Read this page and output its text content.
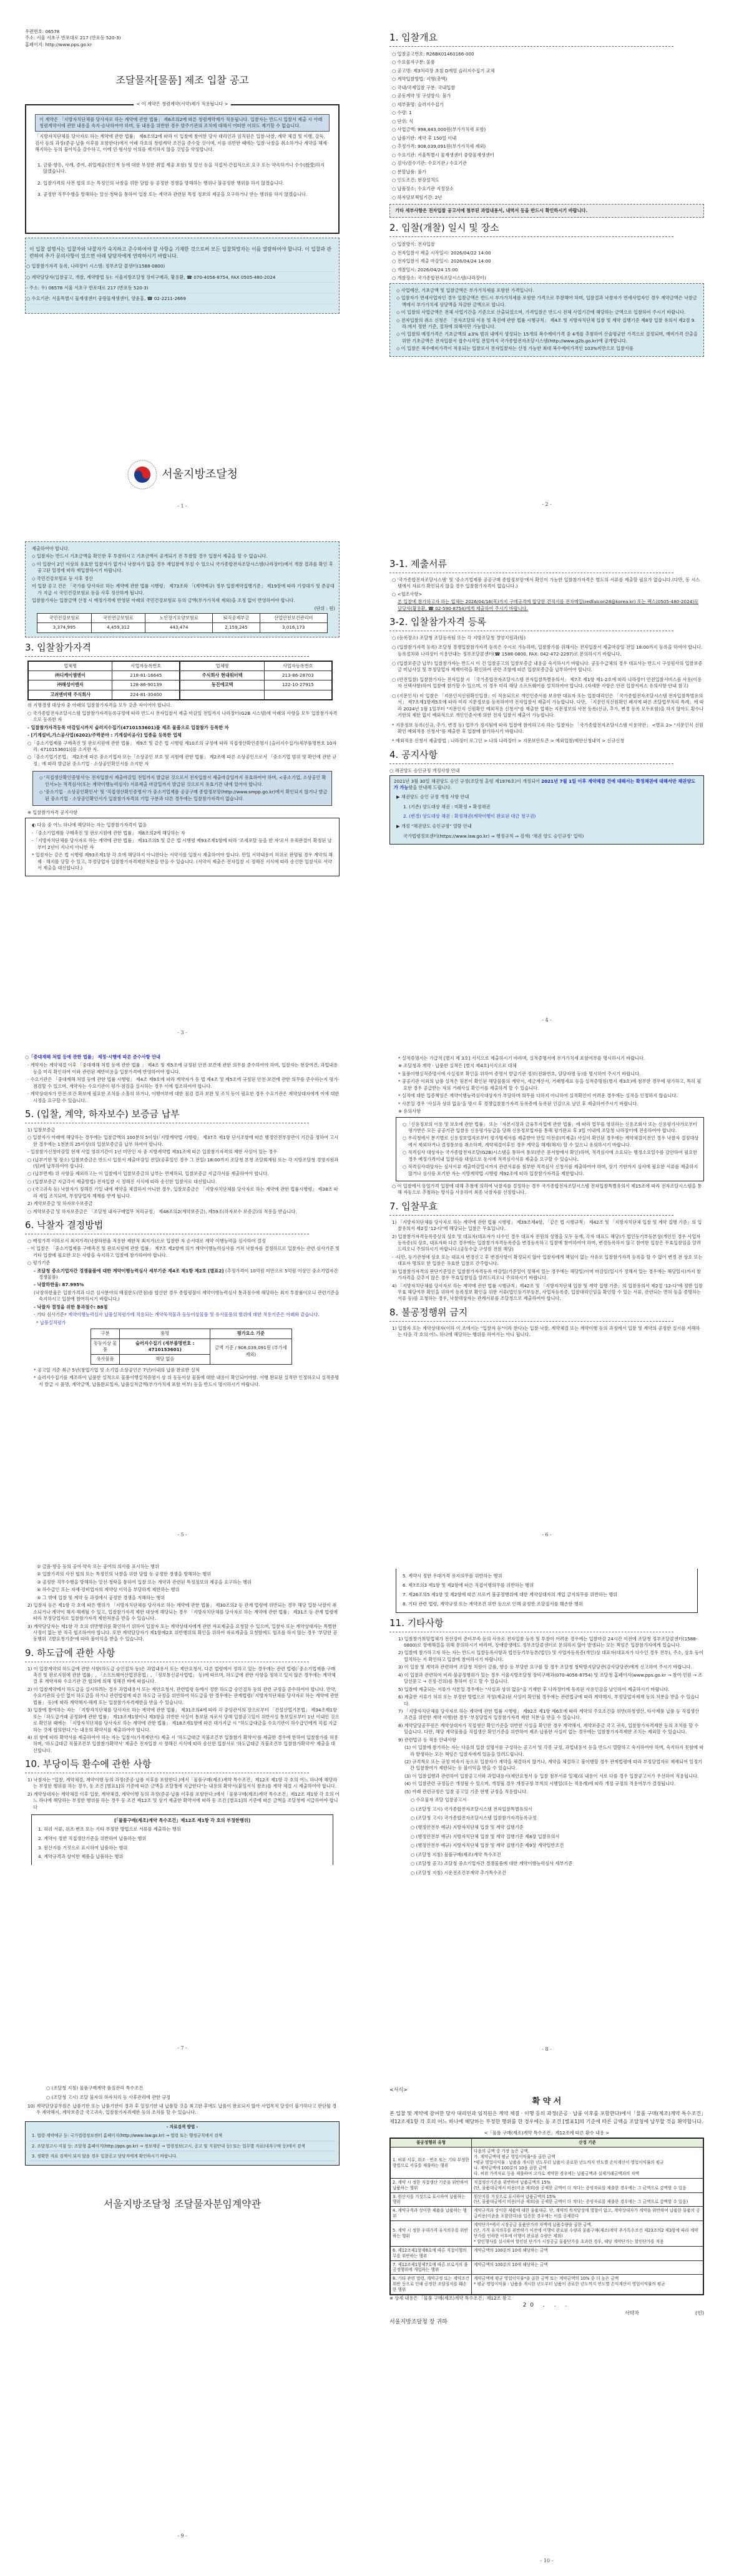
우편번호: 06578
주소: 서울 서초구 반포대로 217 (반포동 520-3)
홈페이지: http://www.pps.go.kr
조달물자[물품] 제조 입찰 공고
< 이 계약은 청렴계약(서약)제가 적용됩니다 >
이 계약은 「지방자치단체를 당사자로 하는 계약에 관한 법률」 제6조의2에 따른 청렴계약제가 적용됩니다. 입찰자는 반드시 입찰서 제출 시 아래 청렴계약서에 관한 내용을 숙지·승낙하여야 하며, 동 내용을 위반한 경우 발주기관의 조치에 대해서 어떠한 이의도 제기할 수 없습니다.
「지방자치단체를 당사자로 하는 계약에 관한 법률」 제6조의2에 따라 이 입찰에 참여한 당사 대리인과 임직원은 입찰·낙찰, 계약 체결 및 이행, 감독, 검사 등의 과정(준공·납품 이후를 포함한다)에서 아래 각호의 청렴계약 조건을 준수할 것이며, 이를 위반한 때에는 입찰·낙찰을 취소하거나 계약을 해제·해지하는 등의 불이익을 감수하고, 이에 민·형사상 이의를 제기하지 않을 것임을 약정합니다.
1. 금품·향응, 사례, 증여, 취업제공(친인척 등에 대한 부정한 취업 제공 포함) 및 알선 등을 직접적·간접적으로 요구 또는 약속하거나 수수(授受)하지 않겠습니다.
2. 입찰가격의 사전 협의 또는 특정인의 낙찰을 위한 담합 등 공정한 경쟁을 방해하는 행위나 불공정한 행위를 하지 않겠습니다.
3. 공정한 직무수행을 방해하는 알선·청탁을 통하여 입찰 또는 계약과 관련된 특정 정보의 제공을 요구하거나 받는 행위를 하지 않겠습니다.
이 입찰 설명서는 입찰자와 낙찰자가 숙지하고 준수하여야 할 사항을 기재한 것으로써 모든 입찰희망자는 이를 열람하여야 합니다. 이 입찰과 관련하여 추가 문의사항이 있으면 아래 담당자에게 연락하시기 바랍니다.
○ 입찰참가자격 등록, 나라장터 시스템: 정부조달 콜센터(1588-0800)
○ 계약담당자(입찰공고, 개찰, 계약방법 등): 서울지방조달청 장비구매과, 황용환, ☎ 070-4056-8754, FAX 0505-480-2024
- 주소: 우) 06578 서울 서초구 반포대로 217 (반포동 520-3)
○ 수요기관: 서울특별시 물재생센터 중랑물재생센터, 양윤홍, ☎ 02-2211-2669
서울지방조달청
- 1 -
1. 입찰개요
○ 입찰공고번호: R26BK01460166-000
○ 수요물자구분: 물품
○ 공고명: 제3처리장 초침 D계열 슬러지수집기 교체
○ 계약입찰방법: 지명(총액)
○ 국내/국제입찰 구분: 국내입찰
○ 공동계약 및 구성방식: 불가
○ 세부품명: 슬러지수집기
○ 수량: 1
○ 단위: 식
○ 사업금액: 998,843,000원(부가가치세 포함)
○ 납품기한: 계약 후 150일 이내
○ 추정가격: 908,039,091원(부가가치세 제외)
○ 수요기관: 서울특별시 물재생센터 중랑물재생센터
○ 검사/검수기관: 수요기관 / 수요기관
○ 분할납품: 불가
○ 인도조건: 현장설치도
○ 납품장소: 수요기관 지정장소
○ 하자담보책임기간: 2년
기타 세부사항은 전자입찰 공고서에 첨부된 과업내용서, 내역서 등을 반드시 확인하시기 바랍니다.
2. 입찰(개찰) 일시 및 장소
○ 입찰방식: 전자입찰
○ 전자입찰서 제출 시작일시: 2026/04/22 14:00
○ 전자입찰서 제출 마감일시: 2026/04/24 14:00
○ 개찰일시: 2026/04/24 15:00
○ 개찰장소: 국가종합전자조달시스템(나라장터)
◇ 사업예산, 기초금액 및 입찰금액은 부가가치세를 포함한 가격입니다.
◇ 입찰자가 면세사업자인 경우 입찰금액은 반드시 부가가치세를 포함한 가격으로 투찰해야 하며, 입찰결과 낙찰자가 면세사업자인 경우 계약금액은 낙찰금액에서 부가가치세 상당액을 차감한 금액으로 합니다.
◇ 이 입찰의 사업금액은 전체 사업기간을 기준으로 산출되었으며, 가격입찰은 반드시 전체 사업기간에 해당하는 금액으로 입찰하여 주시기 바랍니다.
◇ 전자입찰의 취소 신청은 「전자조달의 이용 및 촉진에 관한 법률 시행규칙」 제4조 및 지방자치단체 입찰 및 계약 집행기준 제8장 입찰 유의서 제2절 9. 라.에서 정한 기준, 절차에 의해서만 가능합니다.
◇ 이 입찰의 예정가격은 기초금액의 ±3% 범위 내에서 생성되는 15개의 복수예비가격 중 4개를 추첨하여 산술평균한 가격으로 결정되며, 예비가격 산출을 위한 기초금액은 전자입찰서 접수시작일 전일까지 국가종합전자조달시스템(http://www.g2b.go.kr)에 공개합니다.
◇ 이 입찰은 복수예비가격이 적용되는 입찰로서 전자입찰자는 산정 가능한 최대 복수예비가격인 103%미만으로 입찰서를
- 2 -
제출하여야 합니다.
◇ 입찰자는 반드시 기초금액을 확인한 후 투찰하시고 기초금액이 공개되기 전 투찰할 경우 입찰서 제출을 할 수 없습니다.
◇ 이 입찰이 2인 이상의 유효한 입찰자가 없거나 낙찰자가 없을 경우 재입찰에 부칠 수 있으니 국가종합전자조달시스템(나라장터)에서 개찰 결과를 확인 후 공고된 일정에 따라 재입찰하시기 바랍니다.
◇ 국민건강보험료 등 사후 정산
이 입찰 공고 건은 「국가를 당사자로 하는 계약에 관한 법률 시행령」 제73조와 「(계약예규) 정부 입찰계약집행기준」 제19장에 따라 기성대가 및 준공대가 지급 시 국민건강보험료 등을 사후 정산하게 됩니다.
입찰참가자는 입찰금액 산정 시 예정가격에 반영된 아래의 국민건강보험료 등의 금액(부가가치세 제외)을 조정 없이 반영하여야 합니다.
(단위 : 원)
국민건강보험료	국민연금보험료	노인장기요양보험료	퇴직공제부금	산업안전보건관리비
3,374,995	4,459,312	443,474	2,159,245	3,016,173
3. 입찰참가자격
업체명	사업자등록번호	업체명	사업자등록번호
㈜디케이엠엔이	218-81-16645	주식회사 현대워터텍	213-86-28703
㈜해성이엔지	128-86-90139	동진에코텍	122-10-27915
고려엔비텍 주식회사	224-81-30400		
위 지명경쟁 대상자 중 아래의 입찰참가자격을 모두 갖춘 자이어야 합니다.
○ 국가종합전자조달시스템 입찰참가자격등록규정에 따라 반드시 전자입찰서 제출 마감일 전일까지 나라장터(G2B 시스템)에 아래의 사항을 모두 입찰참가자격으로 등록한 자
- 입찰참가자격등록 마감일시까지 슬러지수집기(4710153601)를 제조 물품으로 입찰참가 등록한 자
- [기계설비,가스공사업(6202)/주력분야 : 기계설비공사] 업종을 등록한 업체
○「중소기업제품 구매촉진 및 판로지원에 관한 법률」 제9조 및 같은 법 시행령 제10조의 규정에 따라 직접생산확인증명서 [슬러지수집기(세부품명번호 10자리: 4710153601)]를 소지한 자.
○「중소기업기본법」 제2조에 따른 중소기업자 또는「소상공인 보호 및 지원에 관한 법률」 제2조에 따른 소상공인으로서 「중소기업 범위 및 확인에 관한 규정」에 따라 발급된 중소기업 · 소상공인확인서를 소지한 자
◇ '직접생산확인증명서'는 전자입찰서 제출마감일 전일까지 발급된 것으로서 전자입찰서 제출마감일까지 유효하여야 하며, <중소기업, 소상공인 확인서>는 적격심사(또는 계약이행능력심사) 서류제출 마감일까지 발급된 것으로서 유효기간 내에 있어야 합니다.
◇ '중소기업 · 소상공인확인서' 및 '직접생산확인증명서'가 중소기업제품 공공구매 종합정보망(http://www.smpp.go.kr)에서 확인되지 않거나 발급된 중소기업 · 소상공인확인서가 입찰참가자격의 기업 구분과 다른 경우에는 입찰참가자격이 없습니다.
※ 입찰참가자격 공지사항
◐ 다음 중 어느 하나에 해당하는 자는 입찰참가자격이 없음
-「중소기업제품 구매촉진 및 판로지원에 관한 법률」 제8조의2에 해당하는 자
-「지방자치단체를 당사자로 하는 계약에 관한 법률」 제31조의5 및 같은 법 시행령 제93조제1항에 따라 '조세포탈 등을 한 자'로서 유죄판결이 확정된 날부터 2년이 지나지 아니한 자
* 입찰자는 같은 법 시행령 제93조제1항 각 호에 해당하지 아니한다는 서약서를 입찰시 제출하여야 합니다. 만일 서약내용이 허위로 판명될 경우 계약의 해제 · 해지를 당할 수 있고, 부정당업자 입찰참가자격제한처분을 받을 수 있습니다. (서약서 제출은 전자입찰 시 정해진 서식에 따라 송신한 입찰서로 서약서 제출을 대신합니다.)
- 3 -
3-1. 제출서류
○ '국가종합전자조달시스템' 및 '중소기업제품 공공구매 종합정보망'에서 확인이 가능한 입찰참가자격은 별도의 서류를 제출할 필요가 없습니다.(다만, 동 시스템에서 자료가 확인되지 않을 경우 입찰참가자격이 없습니다.)
○ <협조사항>
본 입찰에 참가하고자 하는 업체는 2026/04/16(목)까지 구매규격에 합당한 견적서를 전자메일(redfalcon28@korea.kr) 또는 팩스(0505-480-2024)로 담당자(황용환, ☎ 02-590-8754)에게 제출하여 주시기 바랍니다.
3-2. 입찰참가자격 등록
○ (등록장소) 조달청 조달등록팀 또는 각 지방조달청 경영지원과(팀)
○ (입찰참가자격 등록) 조달청 경쟁입찰참가자격 등록은 수시로 가능하며, 입찰참가를 위해서는 전자입찰서 제출마감일 전일 18:00까지 등록을 하여야 합니다. 등록절차와 나라장터 이용안내는 정부조달콜센터(☎ 1588-0800, FAX: 042-472-2297)로 문의하시기 바랍니다.
○ (입찰보증금 납부) 입찰참가자는 반드시 이 건 입찰공고의 입찰보증금 내용을 숙지하시기 바랍니다. 공동수급체의 경우 대표사는 반드시 구성원사의 입찰보증금 미납사실 및 부정당업자 제재이력을 확인하여 관련 조항에 따른 입찰보증금을 납부하여야 합니다.
○ (안전입찰) 입찰참가자는 전자입찰 시 「국가종합전자조달시스템 전자입찰특별유의서」 제7조 제1항 제1-2호에 따라 나라장터 안전입찰서비스를 사용(이용자 선택사항)하여 입찰에 참가할 수 있으며, 이 경우 미리 해당 소프트웨어를 설치하여야 합니다. (자세한 사항은 안전 입찰서비스 유의사항 안내 참고)
○ (지문인식) 이 입찰은 「지문인식신원확인입찰」이 적용되므로 개인인증서를 보유한 대표자 또는 입찰대리인은 「국가종합전자조달시스템 전자입찰특별유의서」 제7조제1항제5호에 따라 미리 지문정보를 등록하여야 전자입찰서 제출이 가능합니다. 다만, 「지문인식신원확인 폐지에 따른 조달업무처리 특례」에 따라 2024년 1월 1일부터 "지문인식 신원확인 예외적용 신청서"를 제출한 업체는 지문정보의 사전 등록(신규, 추가, 변경 등록 모두포함)을 하지 않아도 횟수나 기한의 제한 없이 예외적으로 개인인증서에 의한 전자 입찰서 제출이 가능합니다.
* 지문정보 등록(신규, 추가, 변경 등) 업무가 정지됨에 따라 입찰에 참여하고자 하는 입찰자는 「국가종합전자조달시스템 이용약관」 <별표 2> "지문인식 신원확인 예외적용 신청서"를 제출한 후 입찰에 참가하시기 바랍니다.
* 예외적용 신청서 제출방법 : 나라장터 로그인 > 나의 나라장터 > 지문보안토큰 > 예외입찰/제안신청내역 > 신규신청
4. 공지사항
○ 채권양도 승인규정 개정사항 안내
2021년 3월 30일 채권양도 승인 규정(조달청 훈령 제1976호)이 개정되어 2021년 7월 1일 이후 계약체결 건에 대해서는 확정채권에 대해서만 채권양도가 가능함을 안내해 드립니다.
▶ 채권양도 승인 규정 개정 사항 안내
1. (기존) 양도대상 채권 : 미확정 • 확정채권
2. (변경) 양도대상 채권 : 확정채권(계약이행이 완료된 대금 청구권)
▶ 개정 "채권양도 승인규정" 열람 안내
국가법령정보센터(https://www.law.go.kr) ⇒ 행정규칙 ⇒ 검색( '채권 양도 승인규정' 입력)
- 4 -
○「중대재해 처벌 등에 관한 법률」 제정·시행에 따른 준수사항 안내
· 계약자는 계약체결 이후 「중대재해 처벌 등에 관한 법률 」 제4조 및 제5조에 규정된 안전·보건에 관한 의무를 준수하여야 하며, 입찰자는 현장여건, 과업내용 등을 미리 확인하여 이와 관련된 제반비용을 입찰가격에 반영하여야 합니다.
· 수요기관은 「중대재해 처벌 등에 관한 법률 시행령」 제4조 제9호에 따라 계약자가 동 법 제4조 및 제5조에 규정된 안전·보건에 관한 의무를 준수하는지 평가·점검할 수 있으며, 계약자는 수요기관이 평가·점검을 실시하는 경우 이에 협조하여야 합니다.
· 계약상대자가 안전·보건 확보에 필요한 조치를 소홀히 하거나, 이행여부에 대한 점검 결과 보완 및 조치 등이 필요한 경우 수요기관은 계약상대자에게 이에 대한 시정을 요구할 수 있습니다.
5. (입찰, 계약, 하자보수) 보증금 납부
1) 입찰보증금
○ 입찰자가 아래에 해당하는 경우에는 입찰금액의 100분의 5이상(「지방계약법 시행령」 제37조 제1항 단서조항에 따른 행정안전부장관이 기간을 정하여 고시한 경우에는 1천분의 25이상)의 입찰보증금을 납부 하여야 합니다.
- 입찰참가신청마감일 현재 사업 영위기간이 1년 미만인 자 중 지방계약법 제31조에 따른 입찰참가자격의 제한 사실이 있는 경우
○ (납부기한 및 장소) 입찰보증금은 반드시 입찰서 제출마감일 전일(공휴일인 경우 그 전일) 18:00까지 조달청 본청 조달회계팀 또는 각 지방조달청 경영지원과(팀)에 납부하여야 합니다.
○ (납부면제) 위 사항을 제외하고는 이 입찰에서 입찰보증금의 납부는 면제하되, 입찰보증금 지급각서를 제출하여야 합니다.
○ (입찰보증금 지급각서 제출방법) 전자입찰 시 정해진 서식에 따라 송신한 입찰서로 대신합니다.
○ (국고귀속 등) 낙찰자가 정해진 기일 내에 계약을 체결하지 아니한 경우, 입찰보증금은 「지방자치단체를 당사자로 하는 계약에 관한 법률시행령」 제38조 따라 세입 조치되며, 부정당업자 제재를 받게 됩니다.
2) 계약보증금 및 하자보수보증금
○ 계약보증금 및 하자보증금은 「조달청 내자구매업무 처리규정」 제48조의2(계약보증금), 제59조(하자보수 보증금)의 적용을 받습니다.
6. 낙찰자 결정방법
○ 예정가격 이하로서 최저가격(낙찰하한율 적용한 제한적 최저가)으로 입찰한 자 순서대로 계약 이행능력을 심사하여 결정
- 이 입찰은 「중소기업제품 구매촉진 및 판로지원에 관한 법률」 제7조 제2항에 의거 계약이행능력심사를 거쳐 낙찰자를 결정하므로 입찰자는 관련 심사기준 및 기타 입찰에 필요한 모든 사항을 숙지하고 입찰에 참가하여야 합니다.
○ 평가기준
- 조달청 중소기업자간 경쟁물품에 대한 계약이행능력심사 세부기준 제4조 제1항 제2호 [별표2] (추정가격이 10억원 미만으로 5억원 이상인 중소기업자간 경쟁물품)
- 낙찰하한율: 87.995%
(낙찰하한율은 입찰가격과 다른 심사분야의 배점한도(만점)를 합산한 경우 종합평점이 계약이행능력심사 통과점수에 해당하는 최저 투찰률이오니 관련기준을 숙지하시고 입찰에 참여하시기 바랍니다.)
- 낙찰자 결정을 위한 통과점수: 88점
- 기타 심사기준:
* 계약이행능력심사 납품실적평가에 적용되는 계약목적물과 동등이상물품 및 유사물품의 범위에 대한 적용기준은 아래와 같습니다.
* 납품실적평가
구분	품명	평가요소 기준
동등이상 물품	슬러지수집기 (세부품명번호 : 4710153601)	금액 기준 / 908,039,091원 (부가세 제외)
유사물품	해당 없음
* 공고일 기준 최근 5년(창업기업 및 소기업·소상공인은 7년)이내의 납품 완료한 실적
* 슬러지수집기를 제조하여 납품한 실적으로 물품이행실적증명서 상 위 동등이상 물품에 대한 내용이 확인되어야함. 이행 완료된 실적만 인정하오니 실적증명서 발급 시 품명, 계약금액, 납품완료일자, 납품실적금액(부가가치세 포함 여부) 등을 반드시 명시하시기 바랍니다.
- 5 -
* 실적증명서는 가급적 [별지 제 3호] 서식으로 제출하시기 바라며, 실적증명서에 부가가치세 포함여부를 명시하시기 바랍니다.
※ 조달청과 계약 · 납품한 실적은 [별지 제4호]서식으로 대체
* 물품이행실적증명서에 사실정보 확인을 위하여 증명서 발급기관 정보(전화번호, 담당자명 등)를 명시하여 주시기 바랍니다.
* 공공기관 이외의 납품 실적은 원본이 확인된 해당물품의 계약서, 세금계산서, 거래명세표 등을 실적증명원(별지 제3호)에 첨부한 경우에 평가하고, 특히 필요한 경우 공급받는 자의 거래사실 확인서를 제출하게 할 수 있습니다.
* 실적에 대한 입증책임은 계약이행능력심사대상자가 부담하며 의무를 다하지 아니하여 실적확인이 어려운 경우에는 실적을 인정하지 않습니다.
* 사본일 경우 '사실과 상위 없음'을 명시 후 경쟁입찰참가자격 등록증에 등록된 인감으로 날인 후 제출하여주시기 바랍니다.
※ 유의사항
○「신용정보의 이용 및 보호에 관한 법률」 또는「자본시장과 금융투자업에 관한 법률」에 따라 업무를 영위하는 신용조회사 또는 신용평가사가로부터 평가받은 모든 공공기관 입찰용 신용평가등급을 당해 신용정보업자를 통해 평가완료 후 3일 이내에 조달청 나라장터에 전송하여야 합니다.
○ 우리청에서 분기별로 신용정보업자로부터 평가명세서를 제출받아 만일 미전송(미제출) 사실이 확인된 경우에는 계약체결이전인 경우 낙찰자 결정대상에서 제외하거나 결정통보를 취소하며, 계약체결이후인 경우 계약을 해제(해지) 할 수 있으니 유의하시기 바랍니다.
○ 적격심사 대상자는 국가종합전자조달(G2B)시스템을 통하여 통보(받은 문서함에서 확인)하며, 적격심사에 소요되는 행정소요일수를 감안하여 필요한 경우 예정가격이내 입찰자를 대상으로 동시에 적격심사서류 제출을 요구할 수 있습니다.
○ 적격심사대상자는 심사서류 제출마감일시까지 관련서류를 첨부한 적격심사 신청서를 제출하여야 하며, 상기 기한까지 심사에 필요한 서류를 제출하지 않거나 심사를 포기한 자는 지방계약법 시행령 제92조에 따라 입찰참가자격을 제한합니다.
○ 이 입찰에서 동일가격 입찰에 대해 추첨에 의하여 낙찰자를 결정하는 경우 국가종합전자조달시스템 전자입찰특별유의서 제15조에 따라 전자조달시스템을 통해 자동으로 추첨하는 방식을 사용하여 최종 낙찰자를 선정합니다.
7. 입찰무효
1) 「지방자치단체를 당사자로 하는 계약에 관한 법률 시행령」 제39조제4항, 「같은 법 시행규칙」 제42조 및 「지방자치단체 입찰 및 계약 집행 기준」의 입찰유의서 제2절 '12-다'에 해당되는 입찰은 무효입니다.
2) 입찰참가자격등록증상의 상호 및 대표자(대표자가 다수인 경우 대표자 전원의 성명을 모두 등재, 각자 대표도 해당)가 법인등기부등본상(개인인 경우 사업자등록증)의 상호, 대표자와 다른 경우에는 입찰참가자격등록증을 변경등록하고 입찰에 참여하여야 하며, 변경등록하지 않고 참여한 입찰은 무효입찰임을 알려드리오니 주의하시기 바랍니다.(공동수급 구성원 전원 해당)
- -다만, 등기관청에 상호 또는 대표자 변경신고 후 변경사항이 확정되지 않아 입찰자에게 책임이 없는 사유로 입찰참가자격 등록을 할 수 없어 변경 전 상호 또는 대표자 명의로 한 입찰은 유효한 입찰로 간주합니다.
3) 입찰참가자격의 판단기준일은 입찰참가자격등록 마감일(기준일이 정해져 있는 경우에는 해당일)이며 마감일(일시가 정해져 있는 경우에는 해당일시)까지 참가자격을 갖추지 않은 경우 무효입찰임을 알려드리오니 주의하시기 바랍니다.
4) 「지방자치단체를 당사자로 하는 계약에 관한 법률 시행규칙」제42조 및 「지방자치단체 입찰 및 계약 집행 기준」의 입찰유의서 제2절 '12-다'에 정한 입찰무효 해당여부 확인을 위하여 등록정보 확인을 위한 서류(법인등기부등본, 사업자등록증, 입찰대리인임을 확인할 수 있는 서류, 관련되는 면허 등을 증명하는 서류 등)를 요청하는 경우, 낙찰대상자는 관계서류를 조달청으로 제출하여야 합니다.
8. 불공정행위 금지
1) 입찰자 또는 계약상대자(이하 이 조에서는 "입찰자 등"이라 한다)는 입찰·낙찰, 계약체결 또는 계약이행 등의 과정에서 입찰 및 계약의 공정한 질서를 저해하는 다음 각 호의 어느 하나에 해당하는 행위를 하여서는 아니 됩니다.
- 6 -
① 금품·향응 등의 공여·약속 또는 공여의 의사를 표시하는 행위
② 입찰가격의 사전 협의 또는 특정인의 낙찰을 위한 담합 등 공정한 경쟁을 방해하는 행위
③ 공정한 직무수행을 방해하는 알선·청탁을 통하여 입찰 또는 계약과 관련된 특정정보의 제공을 요구하는 행위
④ 하수급인 또는 자재·장비업자의 계약상 이익을 부당하게 제한하는 행위
⑤ 그 밖에 입찰 및 계약 등 과정에서 공정한 경쟁을 저해하는 행위
2) 입찰자 등은 제1항 각 호에 따른 행위가 「지방자치단체를 당사자로 하는 계약에 관한 법률」 제30조의2 등 관계 법령에 위반되는 경우 해당 입찰·낙찰이 취소되거나 계약이 해지·해제될 수 있고, 입찰참가자격 제한 대상에 해당되는 경우 「지방자치단체를 당사자로 하는 계약에 관한 법률」 제31조 등 관계 법령에 따라 부정당업자로 입찰참가자격 제한처분을 받을 수 있습니다.
3) 계약담당자는 제1항 각 호의 위반행위를 확인하기 위하여 입찰자 또는 계약상대자에게 관련 자료제출을 요청할 수 있으며, 입찰자 또는 계약상대자는 특별한 사정이 없는 한 적극 협조하여야 합니다. 또한 계약담당자가 제1항제2호 위반행위의 확인을 위하여 자료제출을 요청함에도 협조를 하지 않는 경우 '부당한 공동행위 고발요청기준'에 따라 불이익을 받을 수 있습니다.
9. 하도급에 관한 사항
1) 이 입찰계약의 하도급에 관한 사항(하도급 승인절차 등)은 과업내용서 또는 제안요청서, 다른 법령에서 정하고 있는 경우에는 관련 법령(「중소기업제품 구매촉진 및 판로지원에 관한 법률」, 「소프트웨어산업진흥법」, 「정보통신공사업법」 등)에 따르며, 하도급에 관한 사항을 정하고 있지 않은 경우에는 계약체결 후 계약자와 수요기관 간 협의에 의해 정해진 바에 따릅니다.
2) 이 입찰계약에서 하도급을 실시하려는 경우 과업내용서 또는 제안요청서, 관련법령 등에서 정한 하도급 승인절차 등의 관련 규정을 준수하여야 합니다. 만약, 수요기관의 승인 없이 하도급을 하거나 관련법령에 따른 하도급 규정을 위반하여 하도급을 한 경우에는 관계법령(「지방자치단체를 당사자로 하는 계약에 관한 법률」 등)에 따라 계약해지·해제 또는 입찰참가자격제한을 받을 수 있습니다.
3) 입찰에 참여하는 자는 「지방자치단체를 당사자로 하는 계약에 관한 법률」 제31조의4에 따라 각 중앙관서의 장으로부터 「건설산업기본법」 제34조제1항 또는「하도급거래 공정화에 관한 법률」 제13조제1항이나 제3항을 위반한 사실이 통보된 자로서 당해 입찰공고일이 위반사실 통보일로부터 1년 이내인 것으로 확인된 때에는 「지방자치단체를 당사자로 하는 계약에 관한 법률」 제18조제1항에 따른 대가지급 시 "하도급대금을 수요기관이 하수급인에게 직접 지급하는 것에 합의한다."는 내용의 확약서를 제출하여야 합니다.
4) 위 항에 따라 확약서를 제출하여야 하는 자는 입찰서(가격제안서) 제출 시 '하도급대금 직불조건부 입찰참가 확약서'를 제출한 경우에 한하여 입찰참가를 허용하며, '하도급대금 직불조건부 입찰참가확약서' 제출은 전자입찰 시 정해진 서식에 따라 송신한 입찰서로 '하도급대금 직불조건부 입찰참가확약서' 제출을 대신합니다.
10. 부당이득 환수에 관한 사항
1) 낙찰자는 "입찰, 계약체결, 계약이행 등의 과정(준공·납품 이후를 포함한다.)에서「물품구매(제조)계약 특수조건」제12조 제1항 각 호의 어느 하나에 해당하는 부정한 행위를 하는 경우, 동 조건 [별표1]의 기준에 따른 금액을 조달청에 지급한다"는 내용의 확약서(붙임서식 참조)를 계약 체결 시 제출하여야 합니다.
2) 계약상대자는 계약체결 이후 입찰, 계약체결, 계약이행 등의 과정(준공·납품 이후를 포함한다.)에서「물품구매(제조)계약 특수조건」제12조 제1항 각 호의 어느 하나에 해당하는 부정한 행위를 하는 경우 동 조건 제12조 및 상기 제출한 확약서에 따라 동 조건 [별표1]의 기준에 따른 금액을 조달청에 지급하여야 합니다
[「물품구매(제조)계약 특수조건」제12조 제1항 각 호의 부정한행위]
1. 허위 서류, 위조·변조 또는 기타 부정한 방법으로 서류를 제출하는 행위
2. 계약시 정한 직접생산기준을 위반하여 납품하는 행위
3. 원산지를 거짓으로 표시하여 납품하는 행위
4. 계약규격과 상이한 제품을 납품하는 행위
- 7 -
5. 계약시 정한 우대가격 유지의무를 위반하는 행위
6. 제7조의3 제1항 및 제2항에 따른 직접이행의무를 위반하는 행위
7. 제26조의5 제1항 및 제2항에 따른 브로커 불공정행위에 대한 계약상대자의 개입 금지의무를 위반하는 행위
8. 기타 관련 법령, 계약규정 또는 계약조건 위반 등으로 인해 공정한 조달질서를 훼손한 행위
11. 기타사항
1) 입찰참가희망업체가 전산장비 준비부족 등의 사유로 전자입찰 등록 및 투찰이 어려운 경우에는 입찰마감 24시간 이전에 조달청 정부조달콜센터(1588-0800)로 장애해결을 위해 문의하시기 바라며, 장애발생에도 정부조달콜센터로 문의하지 않아 발생되는 모든 책임은 입찰참가자에게 있습니다.
2) 입찰에 참가하고자 하는 자는 반드시 입찰등록사항과 법인등기부등본(법인) 및 사업자등록증(개인)상 대표자(대표자가 다수인 경우 전부), 주소, 상호 등이 일치하는 지 확인하고 입찰에 참여하시기 바랍니다.
3) 이 입찰 및 계약과 관련하여 조달청 직원이 금품, 향응 등 부당한 요구를 할 경우 조달청 청탁방지담당관(감사담당관)에게 신고하여 주시기 바랍니다.
4) 이 입찰과 관련하여 비리·불공정행위가 있는 경우 서울지방조달청 장비구매과(070-4056-8754) 및 조달청 홈페이지(www.pps.go.kr → 참여·민원 → 조달신문고 → 진정·건의)를 통하여 신고 할 수 있습니다.
5) 입찰에 제출되는 서류가 사본일 경우에는 "사실과 상위 없음"을 기재한 후 나라장터에 등록된 사용인감을 날인하여 제출하시기 바랍니다.
6) 제출한 서류가 허위 또는 부정한 방법으로 작성(제출)된 사실이 확인될 경우에는 관련법규에 따라 계약해지, 부정당업자제재 등의 처분을 받을 수 있습니다.
7) 「지방자치단체를 당사자로 하는 계약에 관한 법률 시행령」 제92조 제1항 제6호에 따라 계약의 주요조건을 위반(하청생산, 타사제품 납품 등 직접생산 조건을 위반한 계약 이행)한 경우 '부정당업자 입찰참가자격 제한 처분'을 받을 수 있습니다.
8) 계약담당공무원은 계약상대자가 직접생산 확인기준을 위반한 사실을 확인한 경우 계약해지, 계약보증금 국고 귀속, 입찰참가자격제한 등의 조치를 할 수 있습니다. 다만, 해당 계약물품을 직접생산 확인기준을 위반하여 제조·납품한 사실이 없는 경우에는 입찰참가자격제한 조치는 제외할 수 있습니다.
9) 관련법규 등 적용 안내사항
(1) 이 입찰에 참가하는 자는 다음의 입찰 설명서를 구성하는 공고서 및 각종 규정, 과업내용서 등을 반드시 열람하고 숙지하여야 하며, 숙지하지 못함에 따라 발생하는 모든 책임은 입찰자에게 있음을 알려드립니다.
(2) 규격착오 또는 규정 미숙지 등으로 입찰자가 계약을 체결하지 않거나, 계약을 체결하고 불이행할 경우 관계법령에 따라 부정당업자로 제재되어 일정기간 입찰참여가 제한되는 등 불이익을 받을 수 있습니다.
(3) 이 입찰집행과 관련하여 입찰공고서와 과업내용서(제안요청서 등 입찰 첨부서류 일체)의 내용이 서로 다를 경우 입찰공고서가 우선하여 적용됩니다.
(4) 이 입찰관련 규정들은 개정될 수 있으며, 개정될 경우 개정규정 부칙의 시행일(또는 적용례)에 따라 개정 규정의 적용여부가 결정됩니다.
(5) 아래 관련규정은 입찰 공고일 기준 현행 규정을 적용합니다.
○ 수요물자 조달 입찰공고서
○ (조달청 고시) 국가종합전자조달시스템 전자입찰특별유의서
○ (조달청 고시) 국가종합전자조달시스템 입찰참가자격등록규정
○ (행정안전부 예규) 지방자치단체 입찰 및 계약 집행기준
○ (행정안전부 예규) 지방자치단체 입찰 및 계약 집행기준 제8장 입찰유의서
○ (행정안전부 예규) 지방자치단체 입찰 및 계약 집행기준 제9장 계약일반조건
○ (조달청 지침) 물품구매(제조)계약 특수조건
○ (조달청 공고) 조달청 중소기업자간 경쟁물품에 대한 계약이행능력심사 세부기준
○ (조달청 지침) 시운전조건부계약 추가특수조건
- 8 -
○ (조달청 지침) 물품구매계약 품질관리 특수조건
○ (조달청 고시) 조달 물자의 하자처리 등 사후관리에 관한 규정
10) 계약담당공무원은 납품기한 또는 납품기한이 경과 후 일정기한 내 납품할 것을 최고한 후에도 납품이 완료되지 않아 사업목적 달성이 불가하다고 판단될 경우 계약해지, 계약보증금 국고귀속, 입찰참가자격제한 등의 조치를 할 수 있습니다.
- 자료검색 방법 -
1. 법령·계약예규 등: 국가법령정보센터 홈페이지(http://www.law.go.kr) → 법령 또는 행정규칙에서 검색
2. 조달청고시·지침 등: 조달청 홈페이지(http://pps.go.kr) → 정보제공 → 법령정보(고시, 공고 및 지침안내 등) 또는 업무별 자료(내자구매 등)에서 검색
3. 정확한 자료 검색이 되지 않을 경우 입찰공고 담당자에게 확인하시기 바랍니다.
서울지방조달청 조달물자분임계약관
- 9 -
<서식>
확 약 서
본 입찰 및 계약에 참여한 당사 대리인과 임직원은 계약 체결 · 이행 등의 과정(준공 · 납품 이후를 포함한다)에서「물품 구매(제조)계약 특수조건」제12조제1항 각 호의 어느 하나에 해당하는 부정한 행위를 한 경우에는 동 조건 [별표1]의 기준에 따른 금액을 조달청에 납부할 것을 확약합니다.
<「물품 구매(제조)계약 특수조건」제12조에 따른 환수 내용 >
불공정행위 유형	산정 기준
1. 허위 서류, 위조 · 변조 또는 기타 부정한 방법으로 서류를 제출하는 행위	다음의 금액 중 가장 높은 금액.
가. 계약금액에 평균 영업이익률*을 곱한 금액
*평균 영업이익률 : 납품을 개시한 년도부터 납품이 종료한 년도까지 연도별 손익계산서 영업이익률의 평균
나. 계약금액에 100분의 10을 곱한 금액
다. 허위 가격자료 등을 제출하여 고가로 계약한 경우에는 납품금액과 실제거래금액과의 차액
2. 계약 시 정한 직접생산 기준을 위반하여 납품하는 행위	직접생산기준을 위반하여 납품금액의 15%
(단, 물품대금에서 비용(이윤 제외)을 공제한 금액이 더 적다는 증빙자료를 제출한 경우에는 그 금액으로 감액할 수 있음
3. 원산지를 거짓으로 표시하여 납품하는 행위	원산지를 거짓으로 표시하여 납품금액의 15%
(단, 물품대금에서 비용(이윤 제외)을 공제한 금액이 더 적다는 증빙자료를 제출한 경우에는 그 금액으로 감액할 수 있음)
4. 계약규격과 상이한 제품을 납품하는 행위	계약규격과 상이한 제품에 대한 물품대금. 단, 계약의 목적달성에 영향이 없고, 계약상대자가 계약을 위반하여 납품한 물품의 공급비용(이윤을 포함한다)을 입증한 경우에는 이를 공제한다
5. 계약 시 정한 우대가격 유지의무를 위반하는 행위	계약단가*에서 시장공급 물품단가의 차액에 납품수량을 곱한 금액.
(단, 가격 유지의무를 위반하기 이전에 이행이 완료된 수량과 물품구매(제조)계약 추가특수조건 제23조의2 제3항에 따라 계약단가를 인하한 이후에 이행이 완료된 수량은 제외)
* 할인행사를 실시하여 할인된 단가가 시장공급 물품단가를 초과한 경우, 해당 계약단가는 할인단가를 적용
6. 제12조제1항제6호에 따른 직접이행의무를 위반하는 행위	계약금액의 100분의 10에 해당하는 금액
7. 제12조제1항제7호에 따른 브로커의 불공정행위에 개입하는 행위	계약금액의 100분의 10에 해당하는 금액
8. 기타 관련 법령, 계약규정 또는 계약조건 위반 등으로 인해 공정한 조달질서를 훼손한 행위	계약금액에 평균 영업이익률*을 곱한 금액 또는 계약금액의 10% 중 더 높은 금액
* 평균 영업이익률 : 납품을 개시한 년도부터 납품이 종료한 년도까지 연도별 손익계산서 영업이익률의 평균
※ 상세 내용은 「물품 구매(제조)계약 특수조건」제12조 참고
20 . . .
서약자	(인)
서울지방조달청 장 귀하
- 10 -
